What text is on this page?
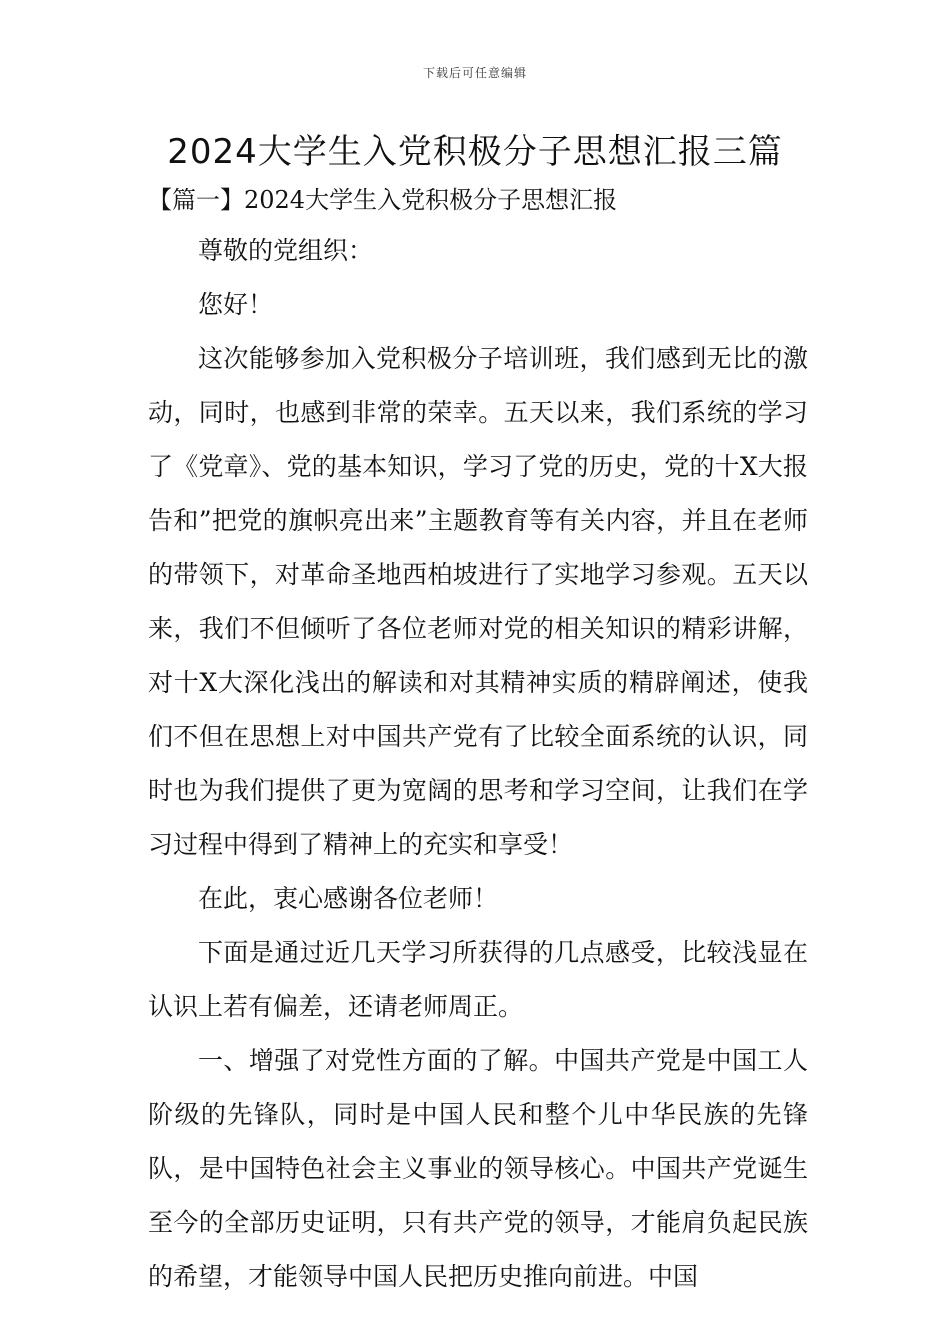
下载后可任意编辑
2024大学生入党积极分子思想汇报三篇
【篇一】2024大学生入党积极分子思想汇报

尊敬的党组织：

您好！

这次能够参加入党积极分子培训班，我们感到无比的激动，同时，也感到非常的荣幸。五天以来，我们系统的学习了《党章》、党的基本知识，学习了党的历史，党的十X大报告和”把党的旗帜亮出来”主题教育等有关内容，并且在老师的带领下，对革命圣地西柏坡进行了实地学习参观。五天以来，我们不但倾听了各位老师对党的相关知识的精彩讲解，对十X大深化浅出的解读和对其精神实质的精辟阐述，使我们不但在思想上对中国共产党有了比较全面系统的认识，同时也为我们提供了更为宽阔的思考和学习空间，让我们在学习过程中得到了精神上的充实和享受！

在此，衷心感谢各位老师！

下面是通过近几天学习所获得的几点感受，比较浅显在认识上若有偏差，还请老师周正。

一、增强了对党性方面的了解。中国共产党是中国工人阶级的先锋队，同时是中国人民和整个儿中华民族的先锋队，是中国特色社会主义事业的领导核心。中国共产党诞生至今的全部历史证明，只有共产党的领导，才能肩负起民族的希望，才能领导中国人民把历史推向前进。中国
